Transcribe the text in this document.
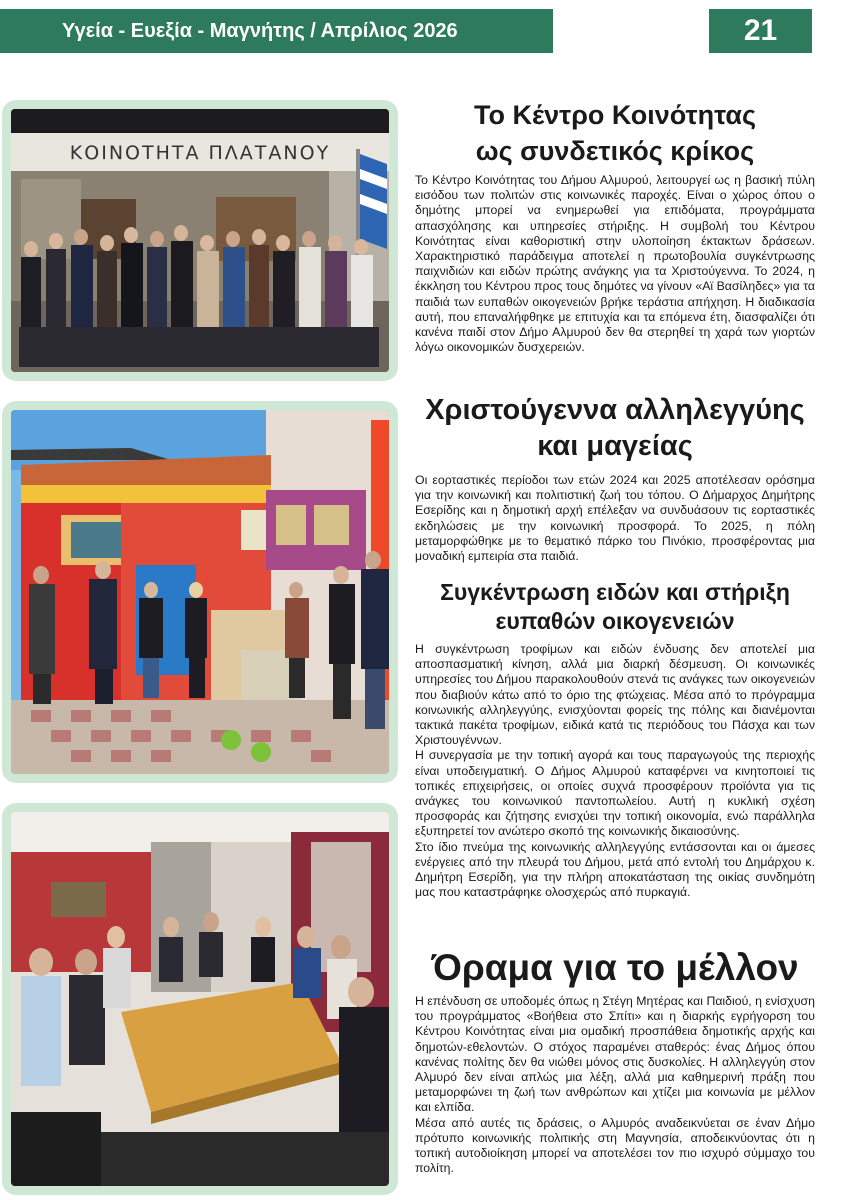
Υγεία - Ευεξία - Μαγνήτης / Απρίλιος 2026	21
ΚΟΙΝΟΤΗΤΑ ΠΛΑΤΑΝΟΥ
Το Κέντρο Κοινότητας
ως συνδετικός κρίκος

Το Κέντρο Κοινότητας του Δήμου Αλμυρού, λειτουργεί ως η βασική πύλη εισόδου των πολιτών στις κοινωνικές παροχές. Είναι ο χώρος όπου ο δημότης μπορεί να ενημερωθεί για επιδόματα, προγράμματα απασχόλησης και υπηρεσίες στήριξης. Η συμβολή του Κέντρου Κοινότητας είναι καθοριστική στην υλοποίηση έκτακτων δράσεων. Χαρακτηριστικό παράδειγμα αποτελεί η πρωτοβουλία συγκέντρωσης παιχνιδιών και ειδών πρώτης ανάγκης για τα Χριστούγεννα. Το 2024, η έκκληση του Κέντρου προς τους δημότες να γίνουν «Αϊ Βασίληδες» για τα παιδιά των ευπαθών οικογενειών βρήκε τεράστια απήχηση. Η διαδικασία αυτή, που επαναλήφθηκε με επιτυχία και τα επόμενα έτη, διασφαλίζει ότι κανένα παιδί στον Δήμο Αλμυρού δεν θα στερηθεί τη χαρά των γιορτών λόγω οικονομικών δυσχερειών.

Χριστούγεννα αλληλεγγύης
και μαγείας

Οι εορταστικές περίοδοι των ετών 2024 και 2025 αποτέλεσαν ορόσημα για την κοινωνική και πολιτιστική ζωή του τόπου. Ο Δήμαρχος Δημήτρης Εσερίδης και η δημοτική αρχή επέλεξαν να συνδυάσουν τις εορταστικές εκδηλώσεις με την κοινωνική προσφορά. Το 2025, η πόλη μεταμορφώθηκε με το θεματικό πάρκο του Πινόκιο, προσφέροντας μια μοναδική εμπειρία στα παιδιά.

Συγκέντρωση ειδών και στήριξη
ευπαθών οικογενειών

Η συγκέντρωση τροφίμων και ειδών ένδυσης δεν αποτελεί μια αποσπασματική κίνηση, αλλά μια διαρκή δέσμευση. Οι κοινωνικές υπηρεσίες του Δήμου παρακολουθούν στενά τις ανάγκες των οικογενειών που διαβιούν κάτω από το όριο της φτώχειας. Μέσα από το πρόγραμμα κοινωνικής αλληλεγγύης, ενισχύονται φορείς της πόλης και διανέμονται τακτικά πακέτα τροφίμων, ειδικά κατά τις περιόδους του Πάσχα και των Χριστουγέννων.

Η συνεργασία με την τοπική αγορά και τους παραγωγούς της περιοχής είναι υποδειγματική. Ο Δήμος Αλμυρού καταφέρνει να κινητοποιεί τις τοπικές επιχειρήσεις, οι οποίες συχνά προσφέρουν προϊόντα για τις ανάγκες του κοινωνικού παντοπωλείου. Αυτή η κυκλική σχέση προσφοράς και ζήτησης ενισχύει την τοπική οικονομία, ενώ παράλληλα εξυπηρετεί τον ανώτερο σκοπό της κοινωνικής δικαιοσύνης.

Στο ίδιο πνεύμα της κοινωνικής αλληλεγγύης εντάσσονται και οι άμεσες ενέργειες από την πλευρά του Δήμου, μετά από εντολή του Δημάρχου κ. Δημήτρη Εσερίδη, για την πλήρη αποκατάσταση της οικίας συνδημότη μας που καταστράφηκε ολοσχερώς από πυρκαγιά.

Όραμα για το μέλλον

Η επένδυση σε υποδομές όπως η Στέγη Μητέρας και Παιδιού, η ενίσχυση του προγράμματος «Βοήθεια στο Σπίτι» και η διαρκής εγρήγορση του Κέντρου Κοινότητας είναι μια ομαδική προσπάθεια δημοτικής αρχής και δημοτών-εθελοντών. Ο στόχος παραμένει σταθερός: ένας Δήμος όπου κανένας πολίτης δεν θα νιώθει μόνος στις δυσκολίες. Η αλληλεγγύη στον Αλμυρό δεν είναι απλώς μια λέξη, αλλά μια καθημερινή πράξη που μεταμορφώνει τη ζωή των ανθρώπων και χτίζει μια κοινωνία με μέλλον και ελπίδα.

Μέσα από αυτές τις δράσεις, ο Αλμυρός αναδεικνύεται σε έναν Δήμο πρότυπο κοινωνικής πολιτικής στη Μαγνησία, αποδεικνύοντας ότι η τοπική αυτοδιοίκηση μπορεί να αποτελέσει τον πιο ισχυρό σύμμαχο του πολίτη.
